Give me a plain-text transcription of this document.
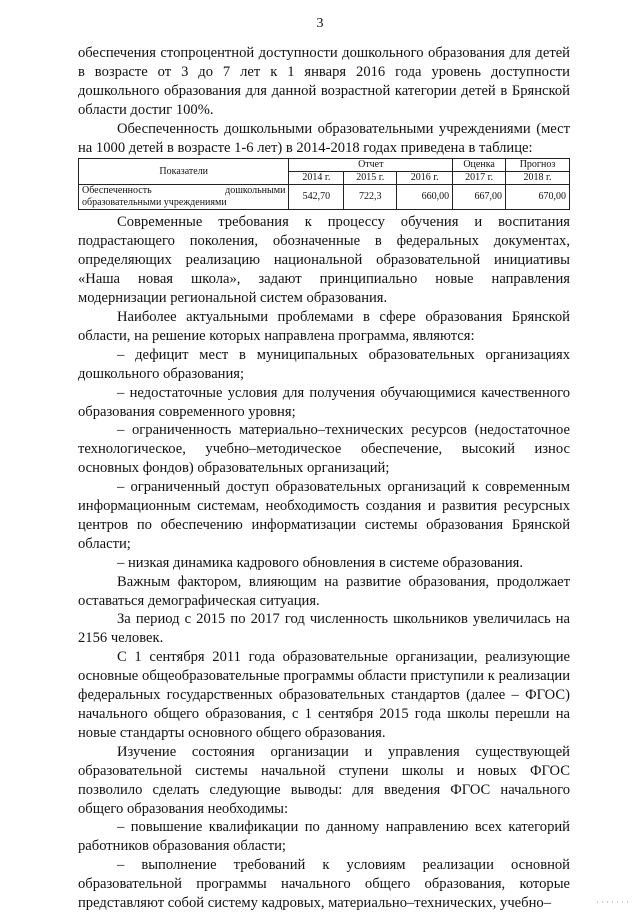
3

обеспечения стопроцентной доступности дошкольного образования для детей в возрасте от 3 до 7 лет к 1 января 2016 года уровень доступности дошкольного образования для данной возрастной категории детей в Брянской области достиг 100%.

Обеспеченность дошкольными образовательными учреждениями (мест на 1000 детей в возрасте 1-6 лет) в 2014-2018 годах приведена в таблице:

Показатели	Отчет			Оценка	Прогноз
	2014 г.	2015 г.	2016 г.	2017 г.	2018 г.
Обеспеченность дошкольными образовательными учреждениями	542,70	722,3	660,00	667,00	670,00

Современные требования к процессу обучения и воспитания подрастающего поколения, обозначенные в федеральных документах, определяющих реализацию национальной образовательной инициативы «Наша новая школа», задают принципиально новые направления модернизации региональной систем образования.

Наиболее актуальными проблемами в сфере образования Брянской области, на решение которых направлена программа, являются:

– дефицит мест в муниципальных образовательных организациях дошкольного образования;

– недостаточные условия для получения обучающимися качественного образования современного уровня;

– ограниченность материально–технических ресурсов (недостаточное технологическое, учебно–методическое обеспечение, высокий износ основных фондов) образовательных организаций;

– ограниченный доступ образовательных организаций к современным информационным системам, необходимость создания и развития ресурсных центров по обеспечению информатизации системы образования Брянской области;

– низкая динамика кадрового обновления в системе образования.

Важным фактором, влияющим на развитие образования, продолжает оставаться демографическая ситуация.

За период с 2015 по 2017 год численность школьников увеличилась на 2156 человек.

С 1 сентября 2011 года образовательные организации, реализующие основные общеобразовательные программы области приступили к реализации федеральных государственных образовательных стандартов (далее – ФГОС) начального общего образования, с 1 сентября 2015 года школы перешли на новые стандарты основного общего образования.

Изучение состояния организации и управления существующей образовательной системы начальной ступени школы и новых ФГОС позволило сделать следующие выводы: для введения ФГОС начального общего образования необходимы:

– повышение квалификации по данному направлению всех категорий работников образования области;

– выполнение требований к условиям реализации основной образовательной программы начального общего образования, которые представляют собой систему кадровых, материально–технических, учебно–	·······
